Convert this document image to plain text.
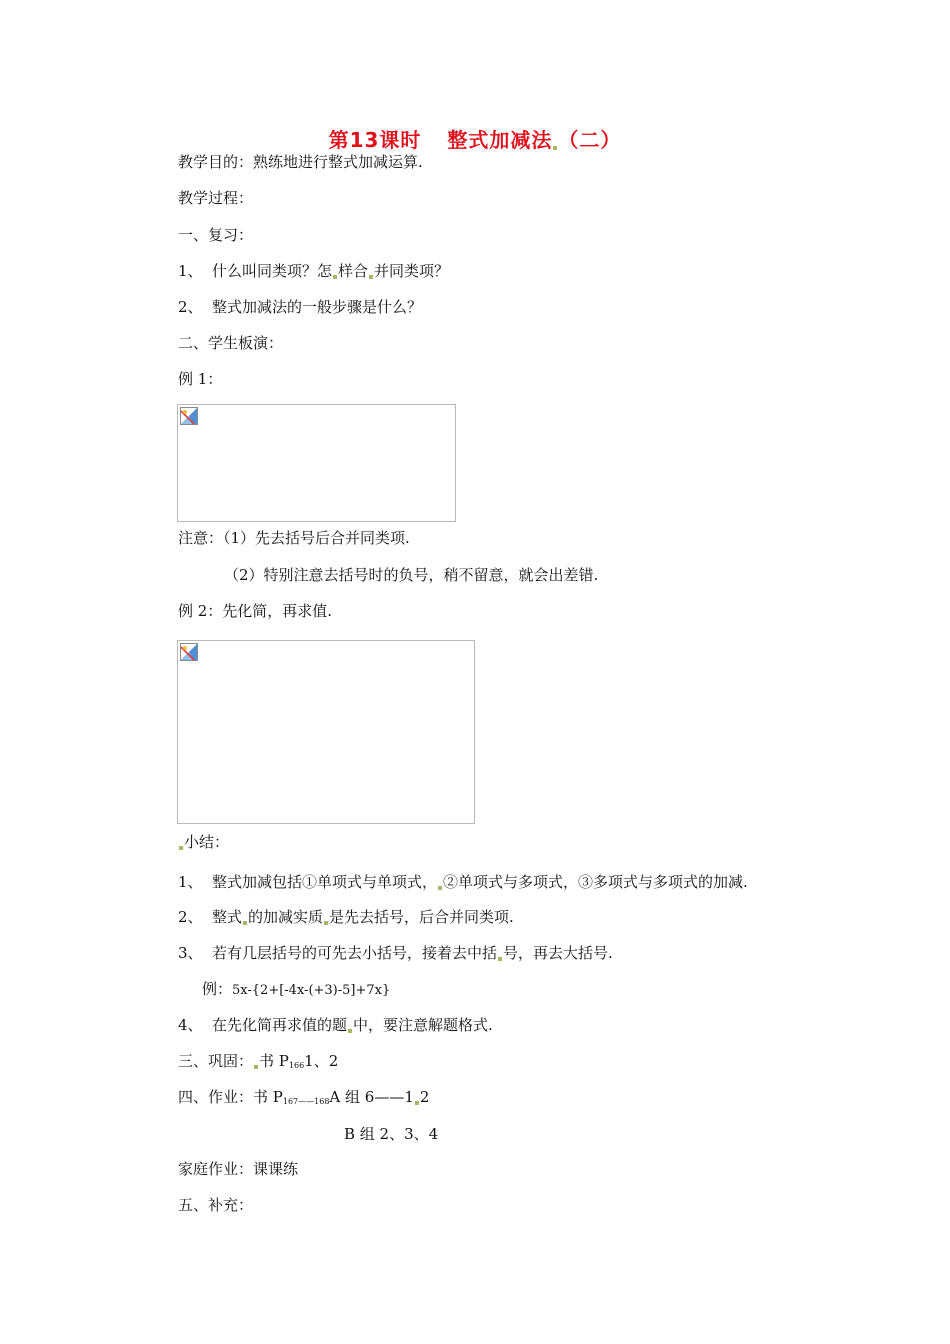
第13课时 整式加减法 （二）
教学目的：熟练地进行整式加减运算.
教学过程：
一、复习：
1、 什么叫同类项？怎 样合 并同类项？
2、 整式加减法的一般步骤是什么？
二、学生板演：
例 1：
注意：（1）先去括号后合并同类项.
（2）特别注意去括号时的负号，稍不留意，就会出差错.
例 2：先化简，再求值.
小结：
1、 整式加减包括①单项式与单项式， ②单项式与多项式，③多项式与多项式的加减.
2、 整式 的加减实质 是先去括号，后合并同类项.
3、 若有几层括号的可先去小括号，接着去中括 号，再去大括号.
例：5x-{2+[-4x-(+3)-5]+7x}
4、 在先化简再求值的题 中，要注意解题格式.
三、巩固： 书 $P_{166}1$、2
四、作业：书 $P_{167——168}A$ 组 6——1 2
B 组 2、3、4
家庭作业：课课练
五、补充：
